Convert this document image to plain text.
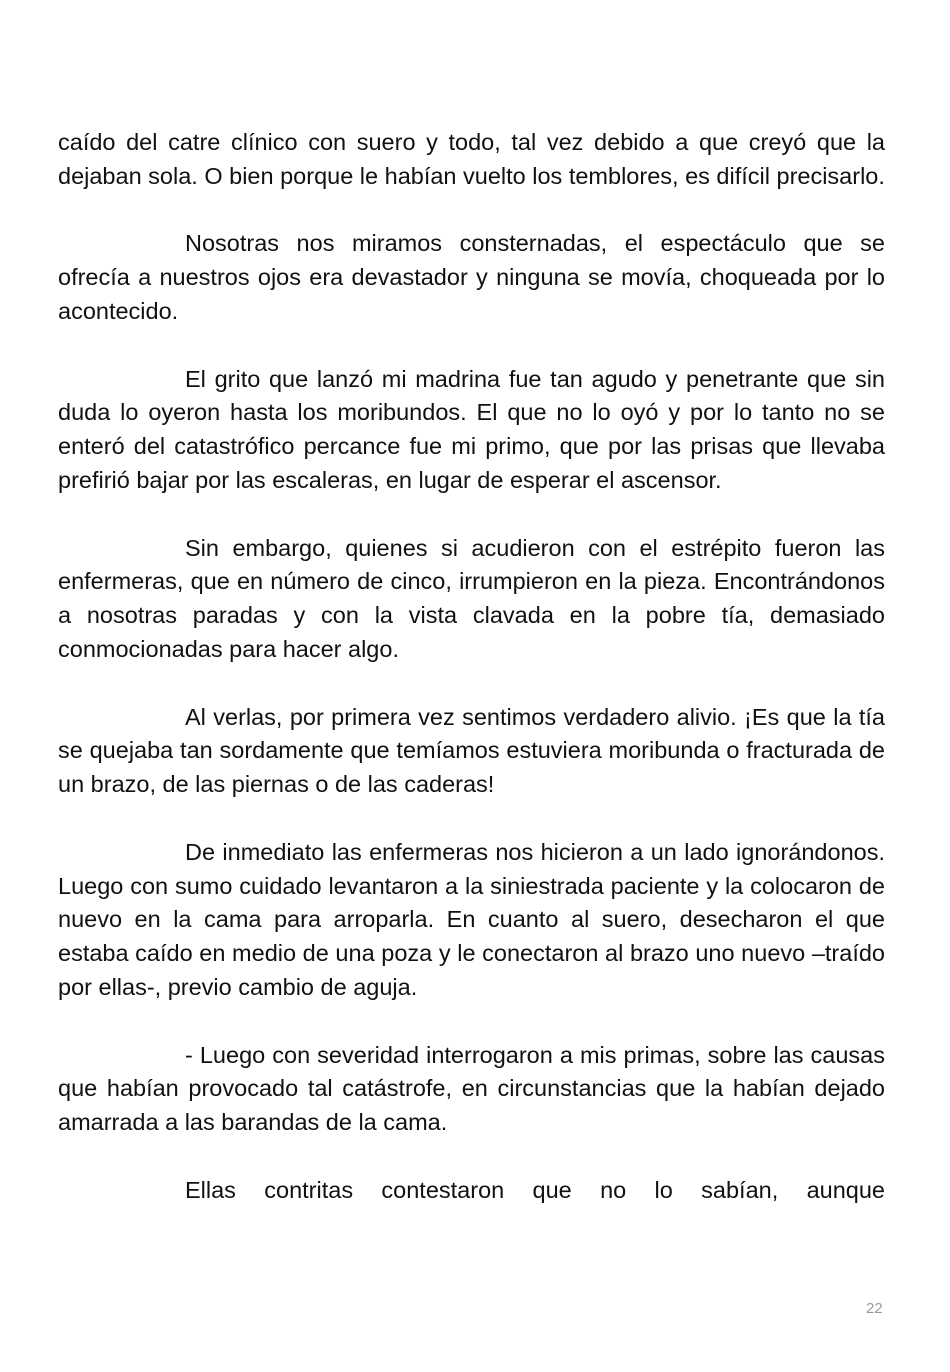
caído del catre clínico con suero y todo, tal vez debido a que creyó que la dejaban sola. O bien porque le habían vuelto los temblores, es difícil precisarlo.

Nosotras nos miramos consternadas, el espectáculo que se ofrecía a nuestros ojos era devastador y ninguna se movía, choqueada por lo acontecido.

El grito que lanzó mi madrina fue tan agudo y penetrante que sin duda lo oyeron hasta los moribundos. El que no lo oyó y por lo tanto no se enteró del catastrófico percance fue mi primo, que por las prisas que llevaba prefirió bajar por las escaleras, en lugar de esperar el ascensor.

Sin embargo, quienes si acudieron con el estrépito fueron las enfermeras, que en número de cinco, irrumpieron en la pieza. Encontrándonos a nosotras paradas y con la vista clavada en la pobre tía, demasiado conmocionadas para hacer algo.

Al verlas, por primera vez sentimos verdadero alivio. ¡Es que la tía se quejaba tan sordamente que temíamos estuviera moribunda o fracturada de un brazo, de las piernas o de las caderas!

De inmediato las enfermeras nos hicieron a un lado ignorándonos. Luego con sumo cuidado levantaron a la siniestrada paciente y la colocaron de nuevo en la cama para arroparla. En cuanto al suero, desecharon el que estaba caído en medio de una poza y le conectaron al brazo uno nuevo –traído por ellas-, previo cambio de aguja.

- Luego con severidad interrogaron a mis primas, sobre las causas que habían provocado tal catástrofe, en circunstancias que la habían dejado amarrada a las barandas de la cama.

Ellas contritas contestaron que no lo sabían, aunque

22
